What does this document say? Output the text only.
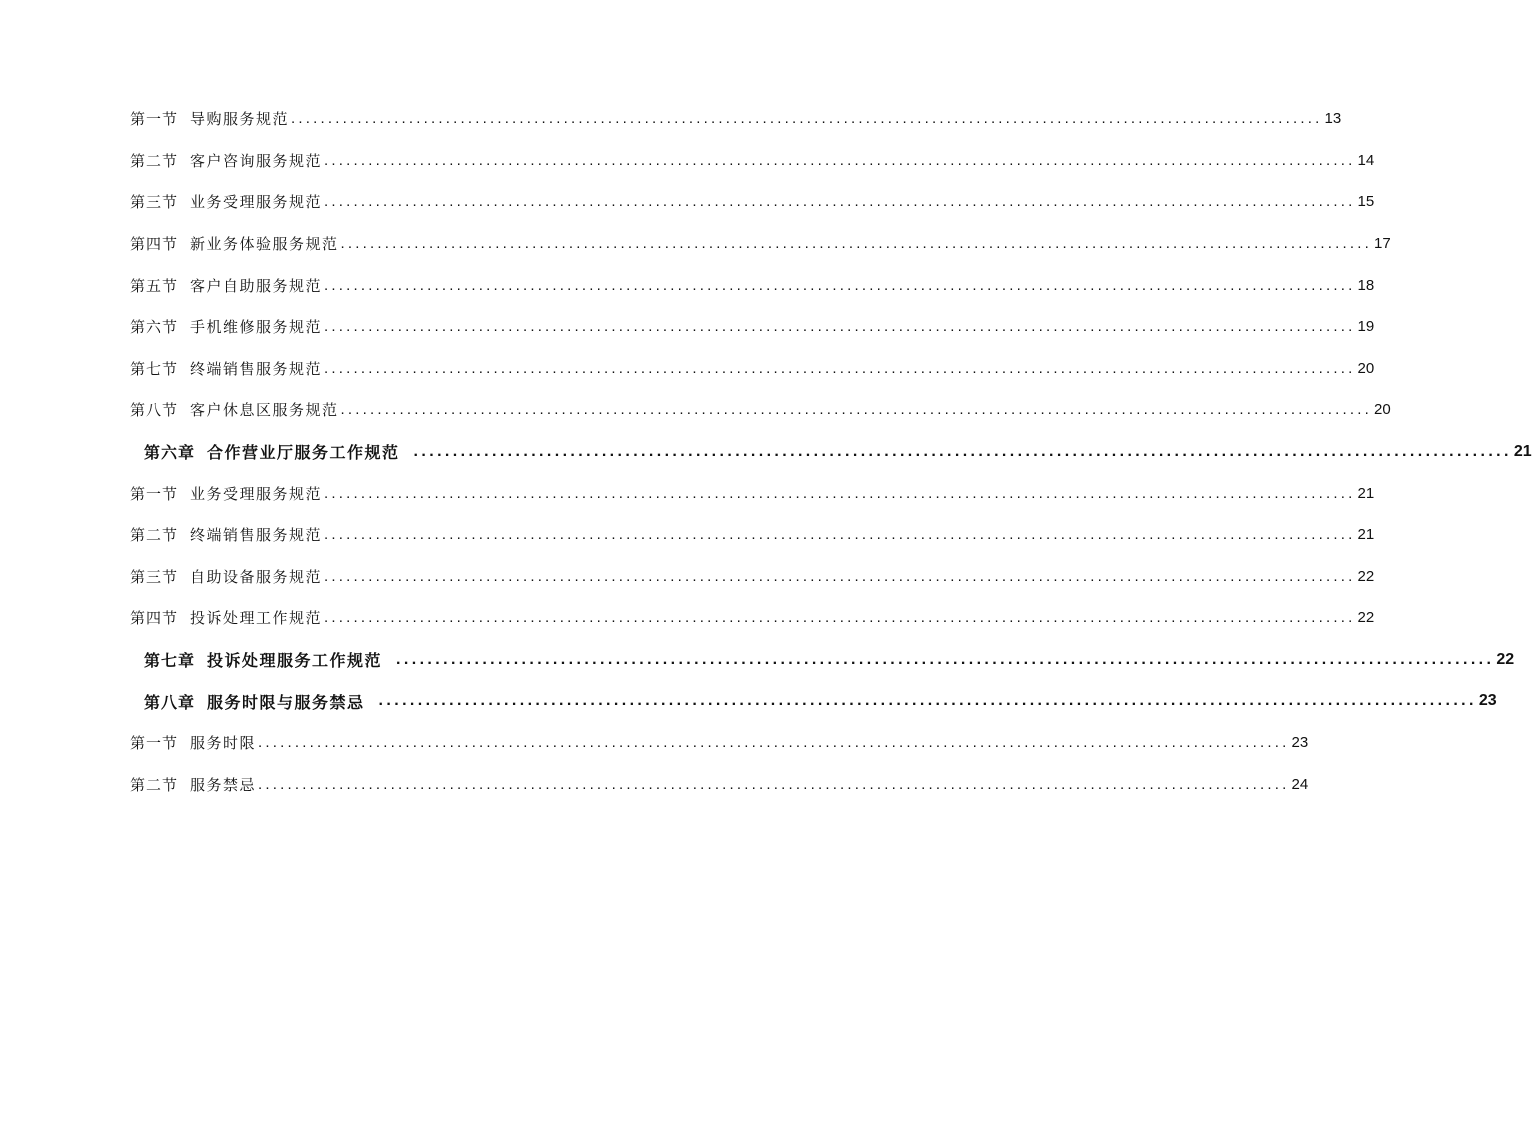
第一节 导购服务规范 ............................................................................................................................................ 13
第二节 客户咨询服务规范 ............................................................................................................................................ 14
第三节 业务受理服务规范 ............................................................................................................................................ 15
第四节 新业务体验服务规范 ............................................................................................................................................ 17
第五节 客户自助服务规范 ............................................................................................................................................ 18
第六节 手机维修服务规范 ............................................................................................................................................ 19
第七节 终端销售服务规范 ............................................................................................................................................ 20
第八节 客户休息区服务规范 ............................................................................................................................................ 20
第六章 合作营业厅服务工作规范 ............................................................................................................................................ 21
第一节 业务受理服务规范 ............................................................................................................................................ 21
第二节 终端销售服务规范 ............................................................................................................................................ 21
第三节 自助设备服务规范 ............................................................................................................................................ 22
第四节 投诉处理工作规范 ............................................................................................................................................ 22
第七章 投诉处理服务工作规范 ............................................................................................................................................ 22
第八章 服务时限与服务禁忌 ............................................................................................................................................ 23
第一节 服务时限 ............................................................................................................................................ 23
第二节 服务禁忌 ............................................................................................................................................ 24
